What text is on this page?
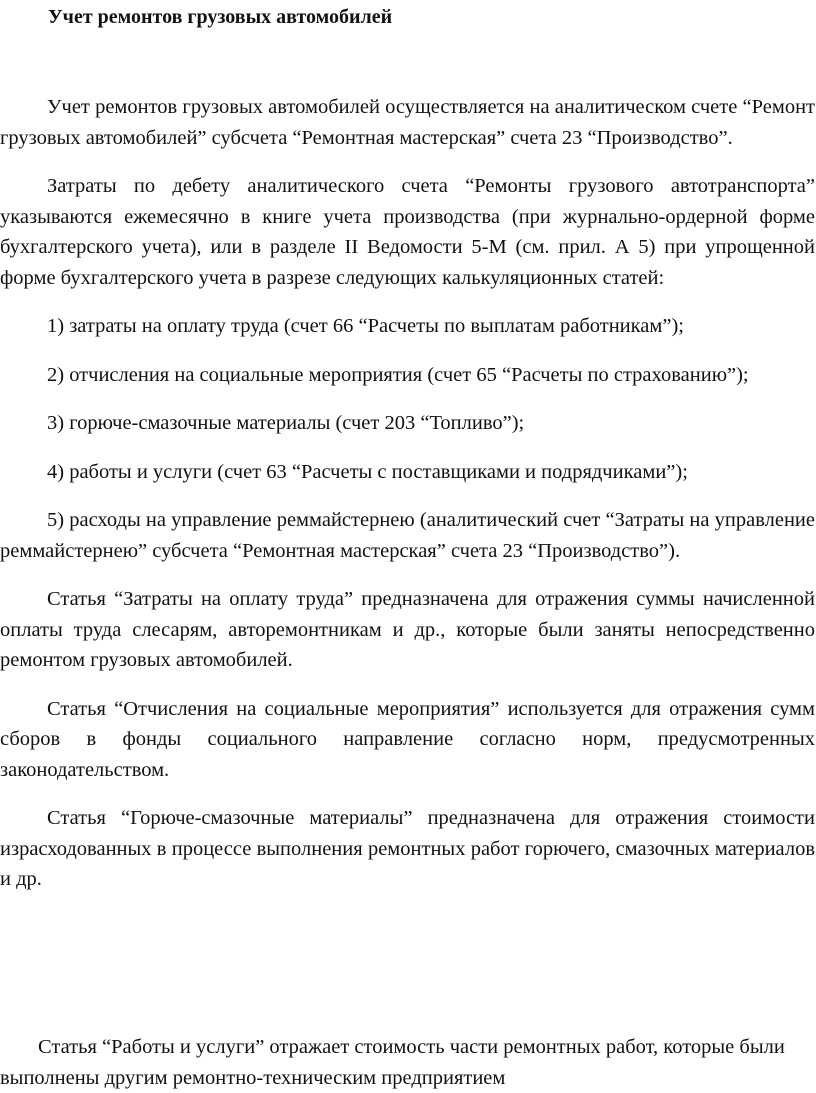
Учет ремонтов грузовых автомобилей

Учет ремонтов грузовых автомобилей осуществляется на аналитическом счете “Ремонт грузовых автомобилей” субсчета “Ремонтная мастерская” счета 23 “Производство”.

Затраты по дебету аналитического счета “Ремонты грузового автотранспорта” указываются ежемесячно в книге учета производства (при журнально-ордерной форме бухгалтерского учета), или в разделе II Ведомости 5-М (см. прил. А 5) при упрощенной форме бухгалтерского учета в разрезе следующих калькуляционных статей:

1) затраты на оплату труда (счет 66 “Расчеты по выплатам работникам”);

2) отчисления на социальные мероприятия (счет 65 “Расчеты по страхованию”);

3) горюче-смазочные материалы (счет 203 “Топливо”);

4) работы и услуги (счет 63 “Расчеты с поставщиками и подрядчиками”);

5) расходы на управление реммайстернею (аналитический счет “Затраты на управление реммайстернею” субсчета “Ремонтная мастерская” счета 23 “Производство”).

Статья “Затраты на оплату труда” предназначена для отражения суммы начисленной оплаты труда слесарям, авторемонтникам и др., которые были заняты непосредственно ремонтом грузовых автомобилей.

Статья “Отчисления на социальные мероприятия” используется для отражения сумм сборов в фонды социального направление согласно норм, предусмотренных законодательством.

Статья “Горюче-смазочные материалы” предназначена для отражения стоимости израсходованных в процессе выполнения ремонтных работ горючего, смазочных материалов и др.

Статья “Работы и услуги” отражает стоимость части ремонтных работ, которые были выполнены другим ремонтно-техническим предприятием
